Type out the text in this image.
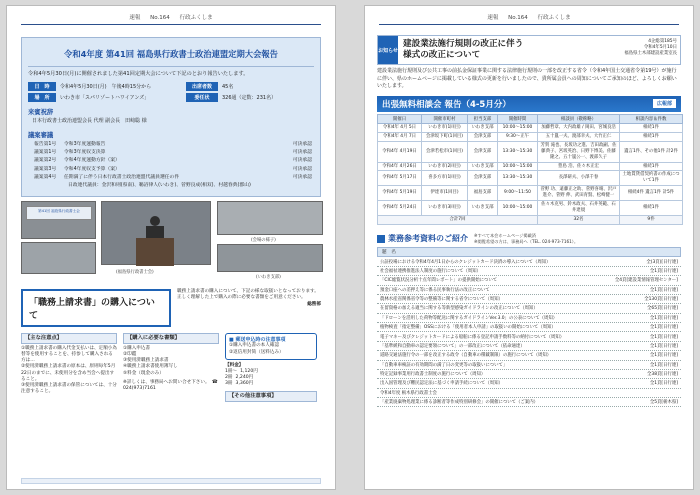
速報 No.164 行政ふくしま
令和4年度 第41回 福島県行政書士政治連盟定期大会報告
令和4年5月30日(月)に開催されました第41回定期大会について下記のとおり報告いたします。
日　時	令和4年5月30日(月)　午後4時15分から	出席者数	45名
場　所	いわき市「スパリゾートハワイアンズ」	委任状	326通（定数：231名）
来賓祝辞
日本行政書士政治連盟会長 代理 副会長　田﨑聡 様
議案審議
報告第1号	令和3年度運動報告	可決承認
議案第1号	令和3年度収支決算	可決承認
議案第2号	令和4年度運動方針（案）	可決承認
議案第3号	令和4年度収支予算（案）	可決承認
議案第4号	任期満了に伴う日本行政書士政治連盟代議員選任の件	可決承認
日政連代議員：金沢和則(県南)、鵜沼律人(いわき)、菅野良成(相双)、村越春典(郡山)
第41回 福島県行政書士会
(福島県行政書士会)
(会場の様子)
(いわき支部)
「職務上請求書」の購入について
職務上請求書の購入について、下記の様な取扱いとなっております。正しく理解した上で購入の際に必要な書類をご用意ください。
総務部
【主な注意点】
①職務上請求書の購入代金支払いは、定額小為替等を使用することを、持参して購入される方は…
②使用済職務上請求書の原本は、原則毎年5月22日のまでに、未使用分を含め当会へ提出すること。
③使用済職務上請求書の保管については、十分注意すること。
【購入に必要な書類】
①購入申込書
②印鑑
③使用済職務上請求書
④職務上請求書使用簿写し
⑤料金（現金のみ）
※詳しくは、事務局へお問い合せ下さい。　☎ 024(973)7161
■ 郵送申込時の注意事項
①購入申込書の本人確認
②返信用封筒（送料込み）
【料金】
1冊〜 1,120円
2冊 2,240円
3冊 3,360円
【その他注意事項】
速報 No.164 行政ふくしま
お知らせ
建設業法施行規則の改正に伴う
様式の改正について
4企総第185号
令和4年5月10日
福島県土木部建設産業室長
建設業法施行規則及び公共工事の前払金保証事業に関する法律施行規則の一部を改正する省令（令和4年国土交通省令第19号）が施行に伴い、県のホームページに掲載している様式の更新を行いましたので、貴所属会員への周知についてご承知のほど、よろしくお願いいたします。
出張無料相談会 報告（4-5月分）	広報部
開催日	開催市町村	担当支部	開催時間	相談員（敬称略）	相談内容＆件数
令和4年 4月 5日	いわき市(1回目)	いわき支部	10:00〜15:00	加藤哲章、大内政雄 / 岡田、宮城良浩	相続1件
令和4年 4月 7日	会津坂下町(1回目)	会津支部	9:30〜正午	五十嵐一夫、渡部幸夫、大竹正仁	相続1件
令和4年 4月19日	会津若松市(1回目)	会津支部	13:30〜15:30	芳賀 滝也、長坂功之進、吉田政嗣、佐藤典子、宮坂英治、日野下博美、佐藤隆之、五十嵐公一、渡部久子	遺言1件、その他1件 計2件
令和4年 4月26日	いわき市(2回目)	いわき支部	10:00〜15:00	豊島 浩、佐々木正宏	相続1件
令和4年 5月17日	喜多方市(1回目)	会津支部	13:30〜15:30	長澤研夫、小澤千春	土地賃貸借契約書の作成について1件
令和4年 5月19日	伊達市(1回目)	福島支部	9:00〜11:50	菅野 功、遠藤正之助、菅野喜晴、沢戸進介、菅野 伸、武田育賢、松崎健一	相続4件 遺言1件 計5件
令和4年 5月24日	いわき市(3回目)	いわき支部	10:00〜15:00	佐々木克男、鈴木政夫、石井英範、石井達規	相続1件
合計7回				32名	9件
業務参考資料のご紹介 ※すべて本会ホームページ掲載済
※閲覧希望の方は、事務局へ（TEL. 024-973-7161）。
題　名
公証役場における令和4年4月1日からのクレジットカード決済の導入について（周知）	全(3頁)[日行連]
社会福祉連携推進法人制度の施行について（周知）	全1頁[日行連]
「CIC総覧状況分析十点年間レポート」の提供開始について	全4頁[建設業情報管理センター]
預金口座への差押え等に係る民事執行法の改正について	全1頁[日行連]
農林水産省関係省令等の整備等に関する省令について（周知）	全130頁[日行連]
在留資格の加える適当に関する等新型感染ガイドラインの改正について（周知）	全65頁[日行連]
「ドローンを活用した荷物等配送に関するガイドラインVer.3.0」の公表について（周知）	全1頁[日行連]
植物検査「指定整備」OSSにおける「使用者本人申請」の取扱いの開始について（周知）	全1頁[日行連]
電子マネー及びクレジットカードによる船舶に係る登記申請手数料等の納付について（周知）	全1頁[日行連]
「基準緩和自動車の認定要領について」の一部改正について（依命通達）	全1頁[日行連]
道路交通法施行令の一部を改正する政令（自動車の積載制限）の施行について（周知）	全1頁[日行連]
「自動車車検証の有効期間の満了日の変更等の取扱いについて」	全1頁[日行連]
特定記録事業用行政書士制度の施行について（周知）	全38頁[日行連]
出入国管理及び難民認定法に基づく申請手続について（周知）	全1頁[日行連]
令和4年度 栃木県行政書士会
「産業廃棄物処理業に係る診断者等作成特別研修会」の開催について（ご案内）	全5頁[栃木県]
